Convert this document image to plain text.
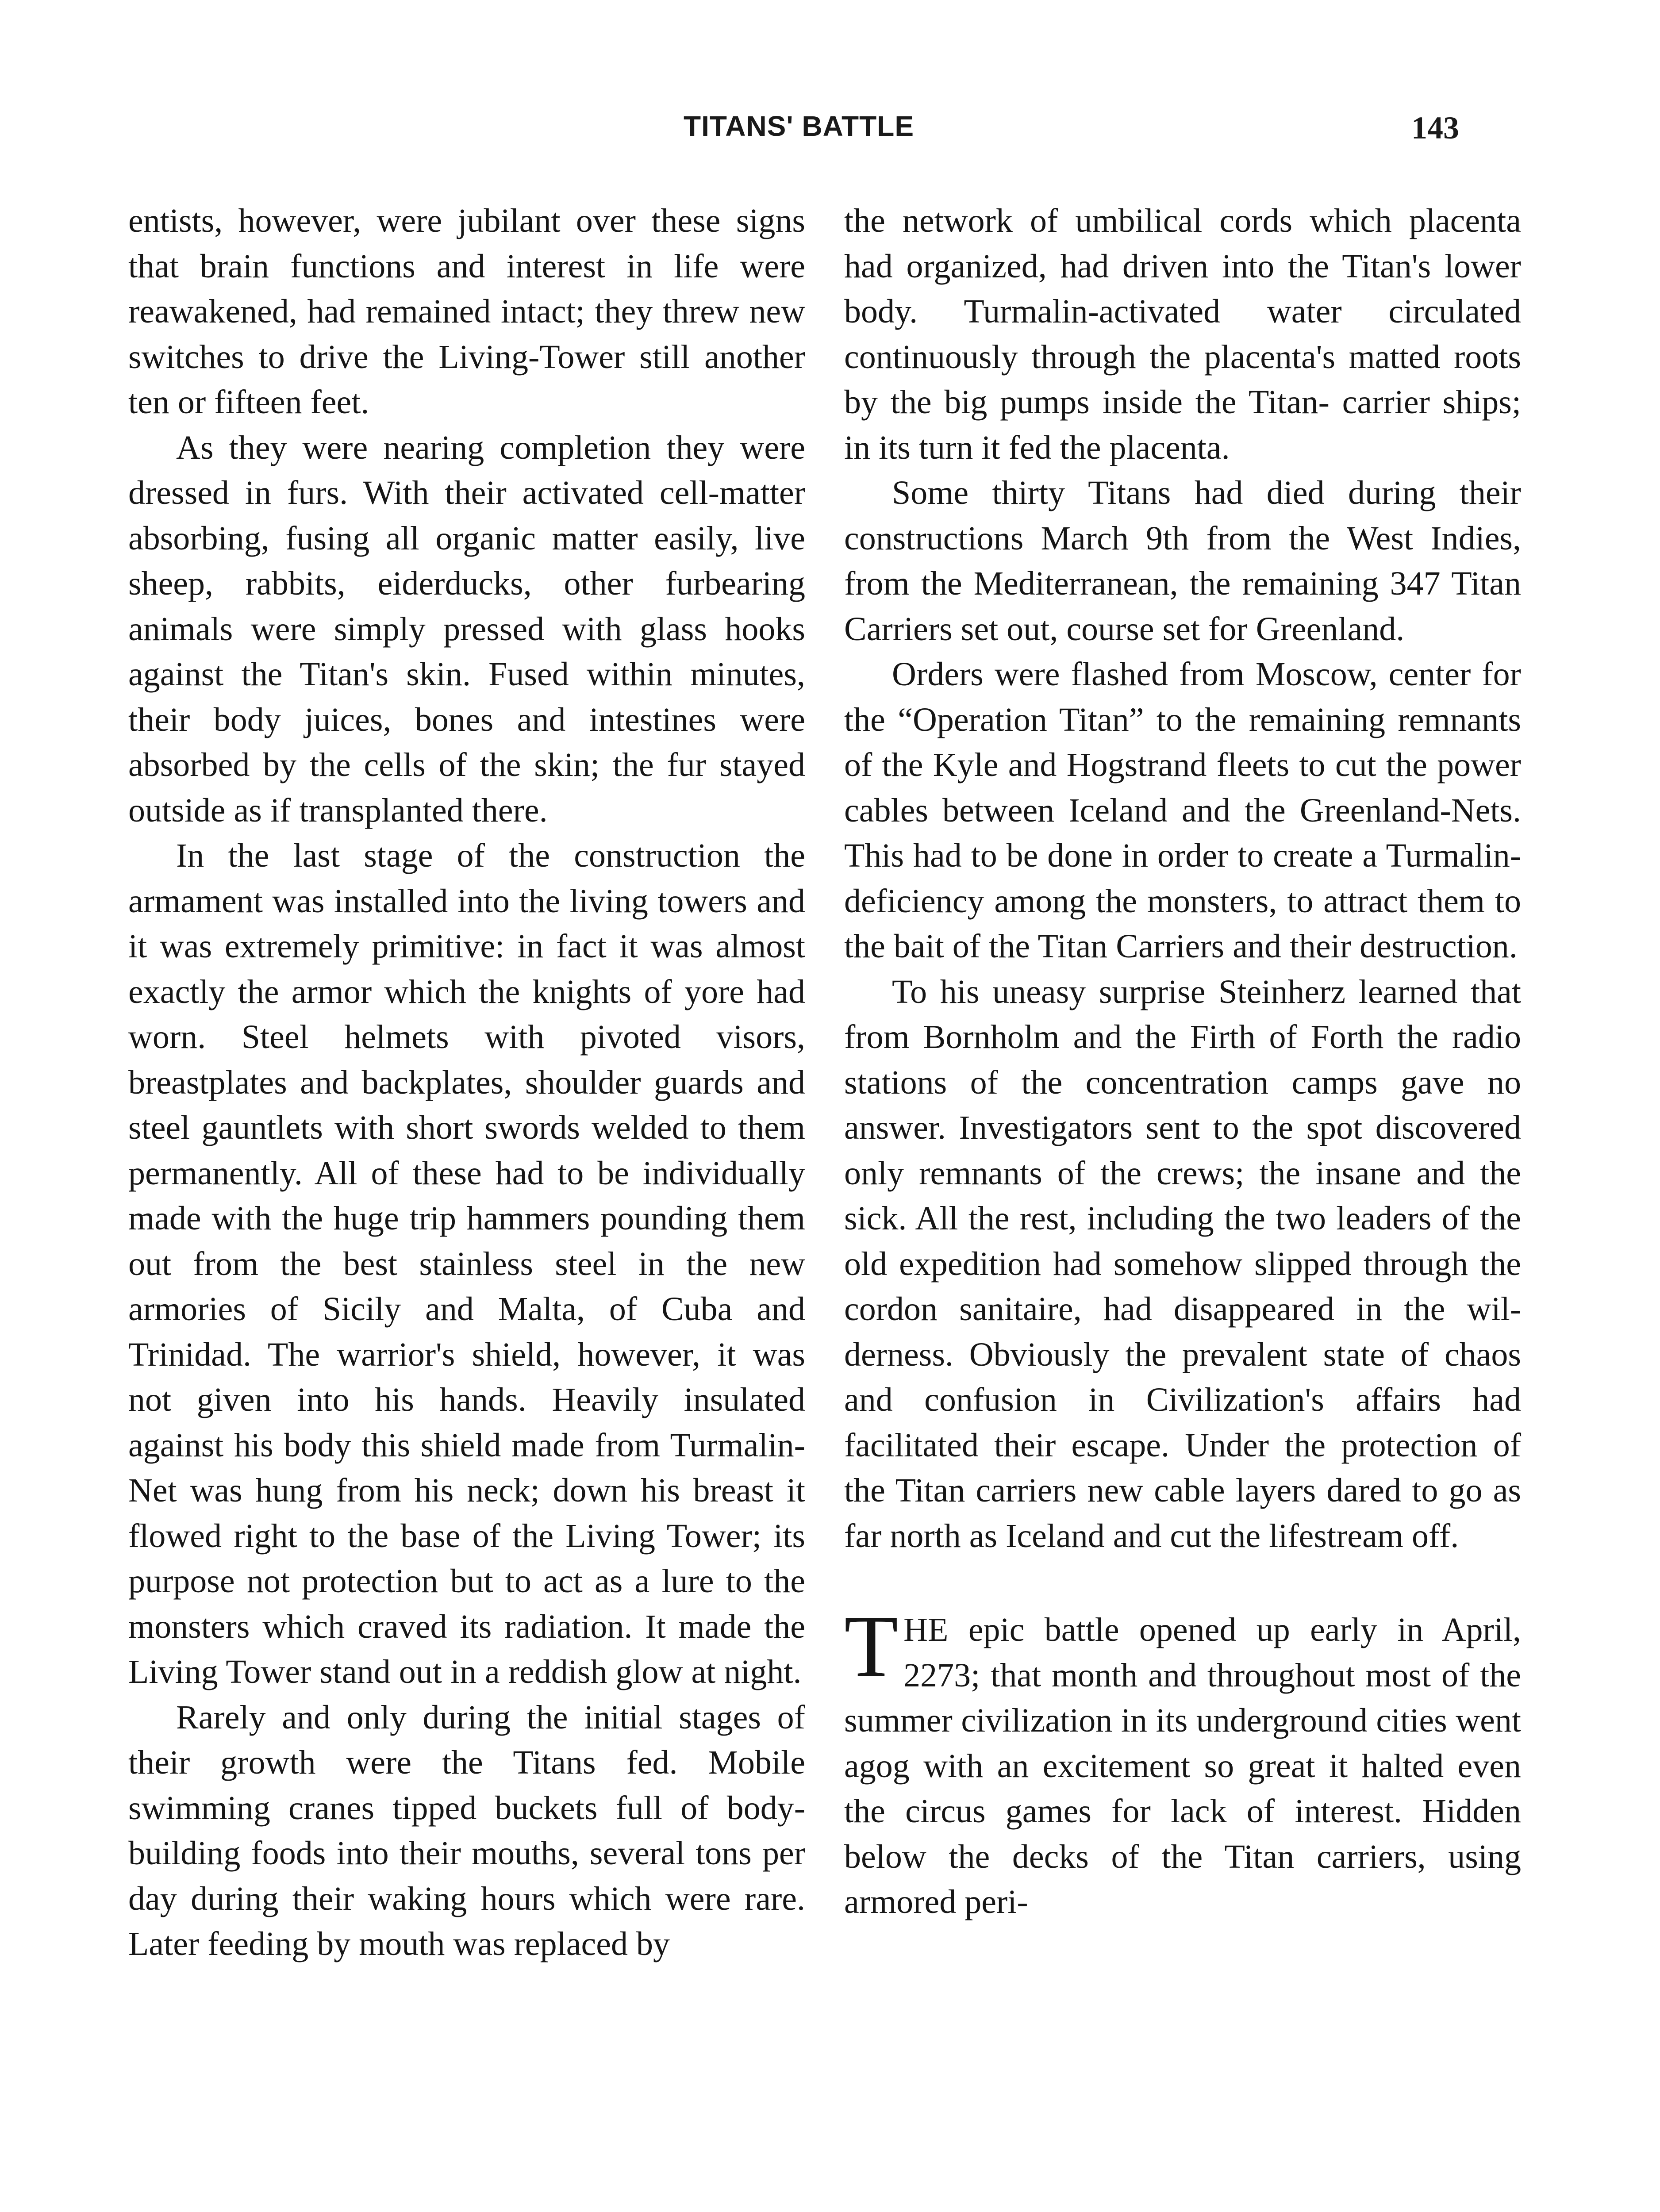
TITANS' BATTLE	143

entists, however, were jubilant over these signs that brain functions and interest in life were reawakened, had remained intact; they threw new switches to drive the Living-Tower still another ten or fifteen feet.

As they were nearing completion they were dressed in furs. With their activated cell-matter absorbing, fusing all organic matter easily, live sheep, rabbits, eiderducks, other furbearing animals were simply pressed with glass hooks against the Titan's skin. Fused within minutes, their body juices, bones and intestines were absorbed by the cells of the skin; the fur stayed outside as if transplanted there.

In the last stage of the construction the armament was installed into the living towers and it was extremely primitive: in fact it was almost exactly the armor which the knights of yore had worn. Steel helmets with pivoted visors, breastplates and backplates, shoulder guards and steel gauntlets with short swords welded to them permanently. All of these had to be individually made with the huge trip hammers pounding them out from the best stainless steel in the new armories of Sicily and Malta, of Cuba and Trinidad. The warrior's shield, however, it was not given into his hands. Heavily insulated against his body this shield made from Turmalin-Net was hung from his neck; down his breast it flowed right to the base of the Living Tower; its purpose not protection but to act as a lure to the monsters which craved its radiation. It made the Living Tower stand out in a reddish glow at night.

Rarely and only during the initial stages of their growth were the Titans fed. Mobile swimming cranes tipped buckets full of body-building foods into their mouths, several tons per day during their waking hours which were rare. Later feeding by mouth was replaced by

the network of umbilical cords which placenta had organized, had driven into the Titan's lower body. Turmalin-activated water circulated continuously through the placenta's matted roots by the big pumps inside the Titan- carrier ships; in its turn it fed the placenta.

Some thirty Titans had died during their constructions March 9th from the West Indies, from the Mediterranean, the remaining 347 Titan Carriers set out, course set for Greenland.

Orders were flashed from Moscow, center for the “Operation Titan” to the remaining remnants of the Kyle and Hogstrand fleets to cut the power cables between Iceland and the Greenland-Nets. This had to be done in order to create a Turmalin-deficiency among the monsters, to attract them to the bait of the Titan Carriers and their destruction.

To his uneasy surprise Steinherz learned that from Bornholm and the Firth of Forth the radio stations of the concentration camps gave no answer. Investigators sent to the spot discovered only remnants of the crews; the insane and the sick. All the rest, including the two leaders of the old expedition had somehow slipped through the cordon sanitaire, had disappeared in the wilderness. Obviously the prevalent state of chaos and confusion in Civilization's affairs had facilitated their escape. Under the protection of the Titan carriers new cable layers dared to go as far north as Iceland and cut the lifestream off.

THE epic battle opened up early in April, 2273; that month and throughout most of the summer civilization in its underground cities went agog with an excitement so great it halted even the circus games for lack of interest. Hidden below the decks of the Titan carriers, using armored peri-
